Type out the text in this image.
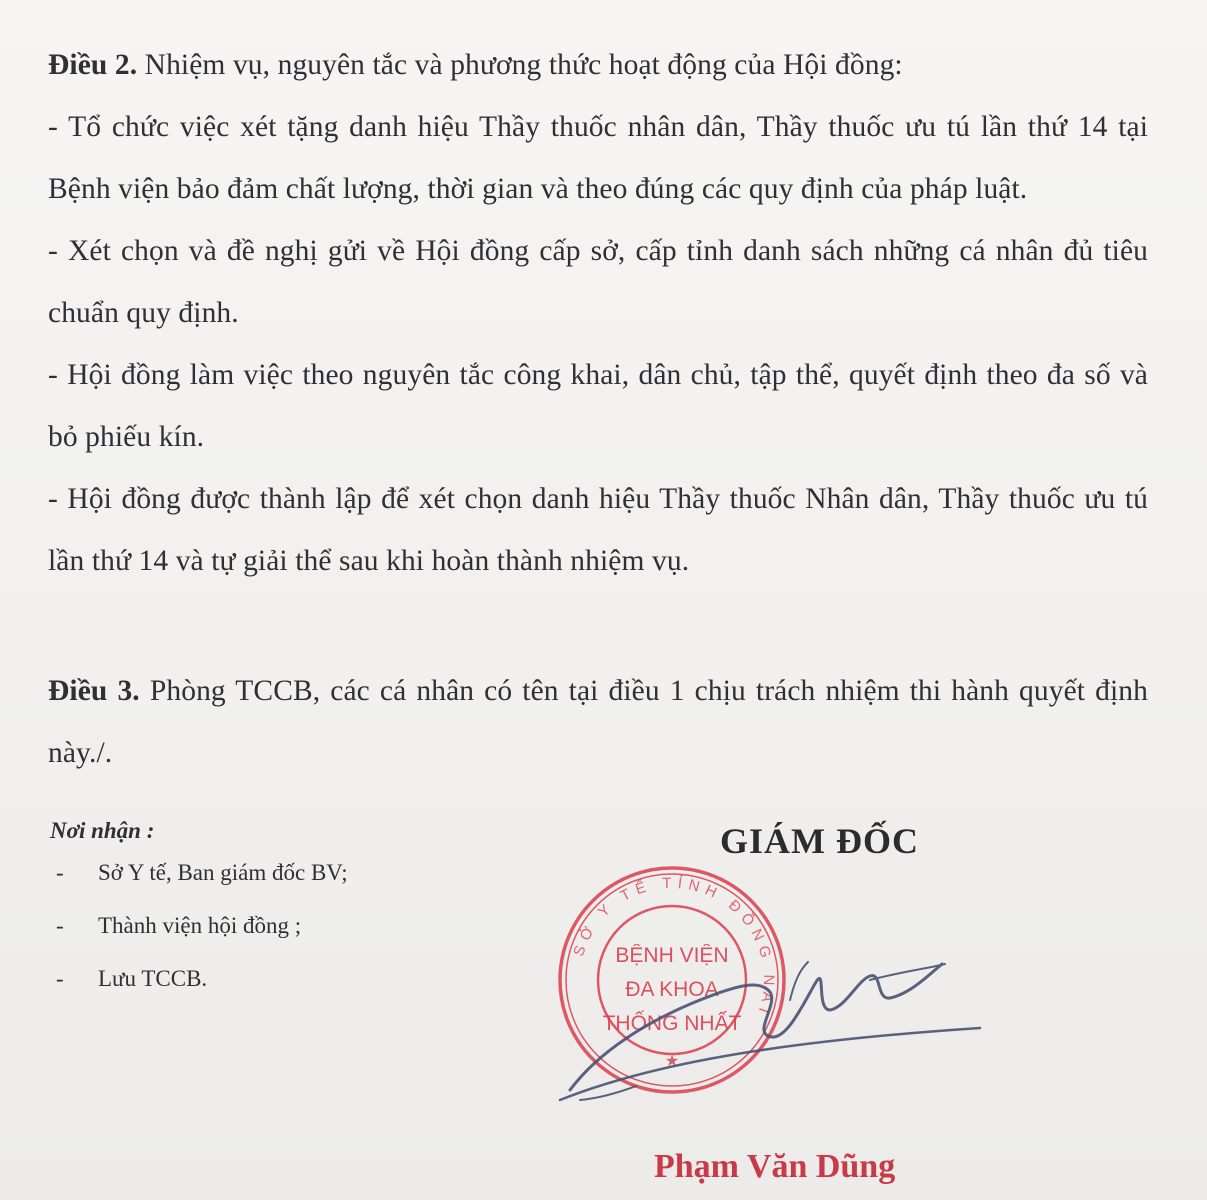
Điều 2. Nhiệm vụ, nguyên tắc và phương thức hoạt động của Hội đồng:

- Tổ chức việc xét tặng danh hiệu Thầy thuốc nhân dân, Thầy thuốc ưu tú lần thứ 14 tại Bệnh viện bảo đảm chất lượng, thời gian và theo đúng các quy định của pháp luật.

- Xét chọn và đề nghị gửi về Hội đồng cấp sở, cấp tỉnh danh sách những cá nhân đủ tiêu chuẩn quy định.

- Hội đồng làm việc theo nguyên tắc công khai, dân chủ, tập thể, quyết định theo đa số và bỏ phiếu kín.

- Hội đồng được thành lập để xét chọn danh hiệu Thầy thuốc Nhân dân, Thầy thuốc ưu tú lần thứ 14 và tự giải thể sau khi hoàn thành nhiệm vụ.

Điều 3. Phòng TCCB, các cá nhân có tên tại điều 1 chịu trách nhiệm thi hành quyết định này./.

Nơi nhận :
-	Sở Y tế, Ban giám đốc BV;
-	Thành viện hội đồng ;
-	Lưu TCCB.
GIÁM ĐỐC
SỞ Y TẾ TỈNH ĐỒNG NAI
★
BỆNH VIỆN
ĐA KHOA
THỐNG NHẤT
Phạm Văn Dũng
